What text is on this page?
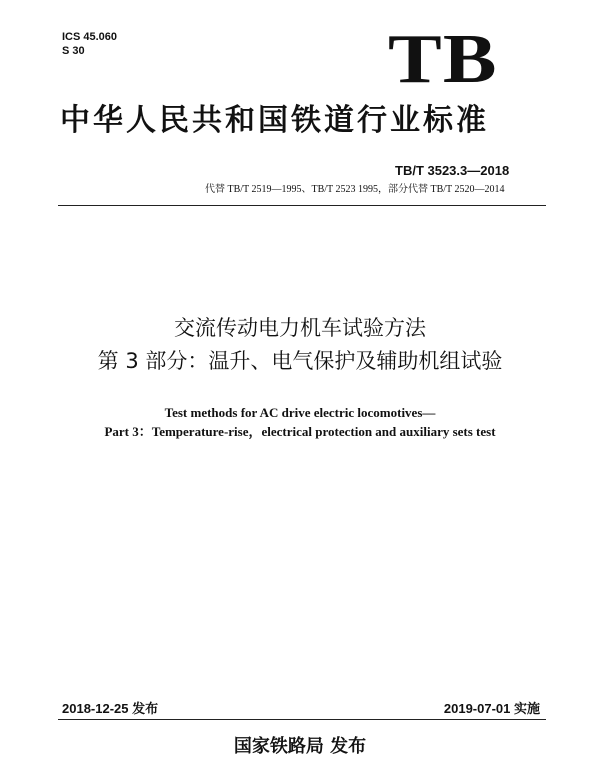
ICS 45.060
S 30	TB
中华人民共和国铁道行业标准
TB/T 3523.3—2018
代替 TB/T 2519—1995、TB/T 2523 1995，部分代替 TB/T 2520—2014
交流传动电力机车试验方法
第 3 部分：温升、电气保护及辅助机组试验
Test methods for AC drive electric locomotives—
Part 3：Temperature-rise，electrical protection and auxiliary sets test
2018-12-25 发布	2019-07-01 实施
国家铁路局 发布
